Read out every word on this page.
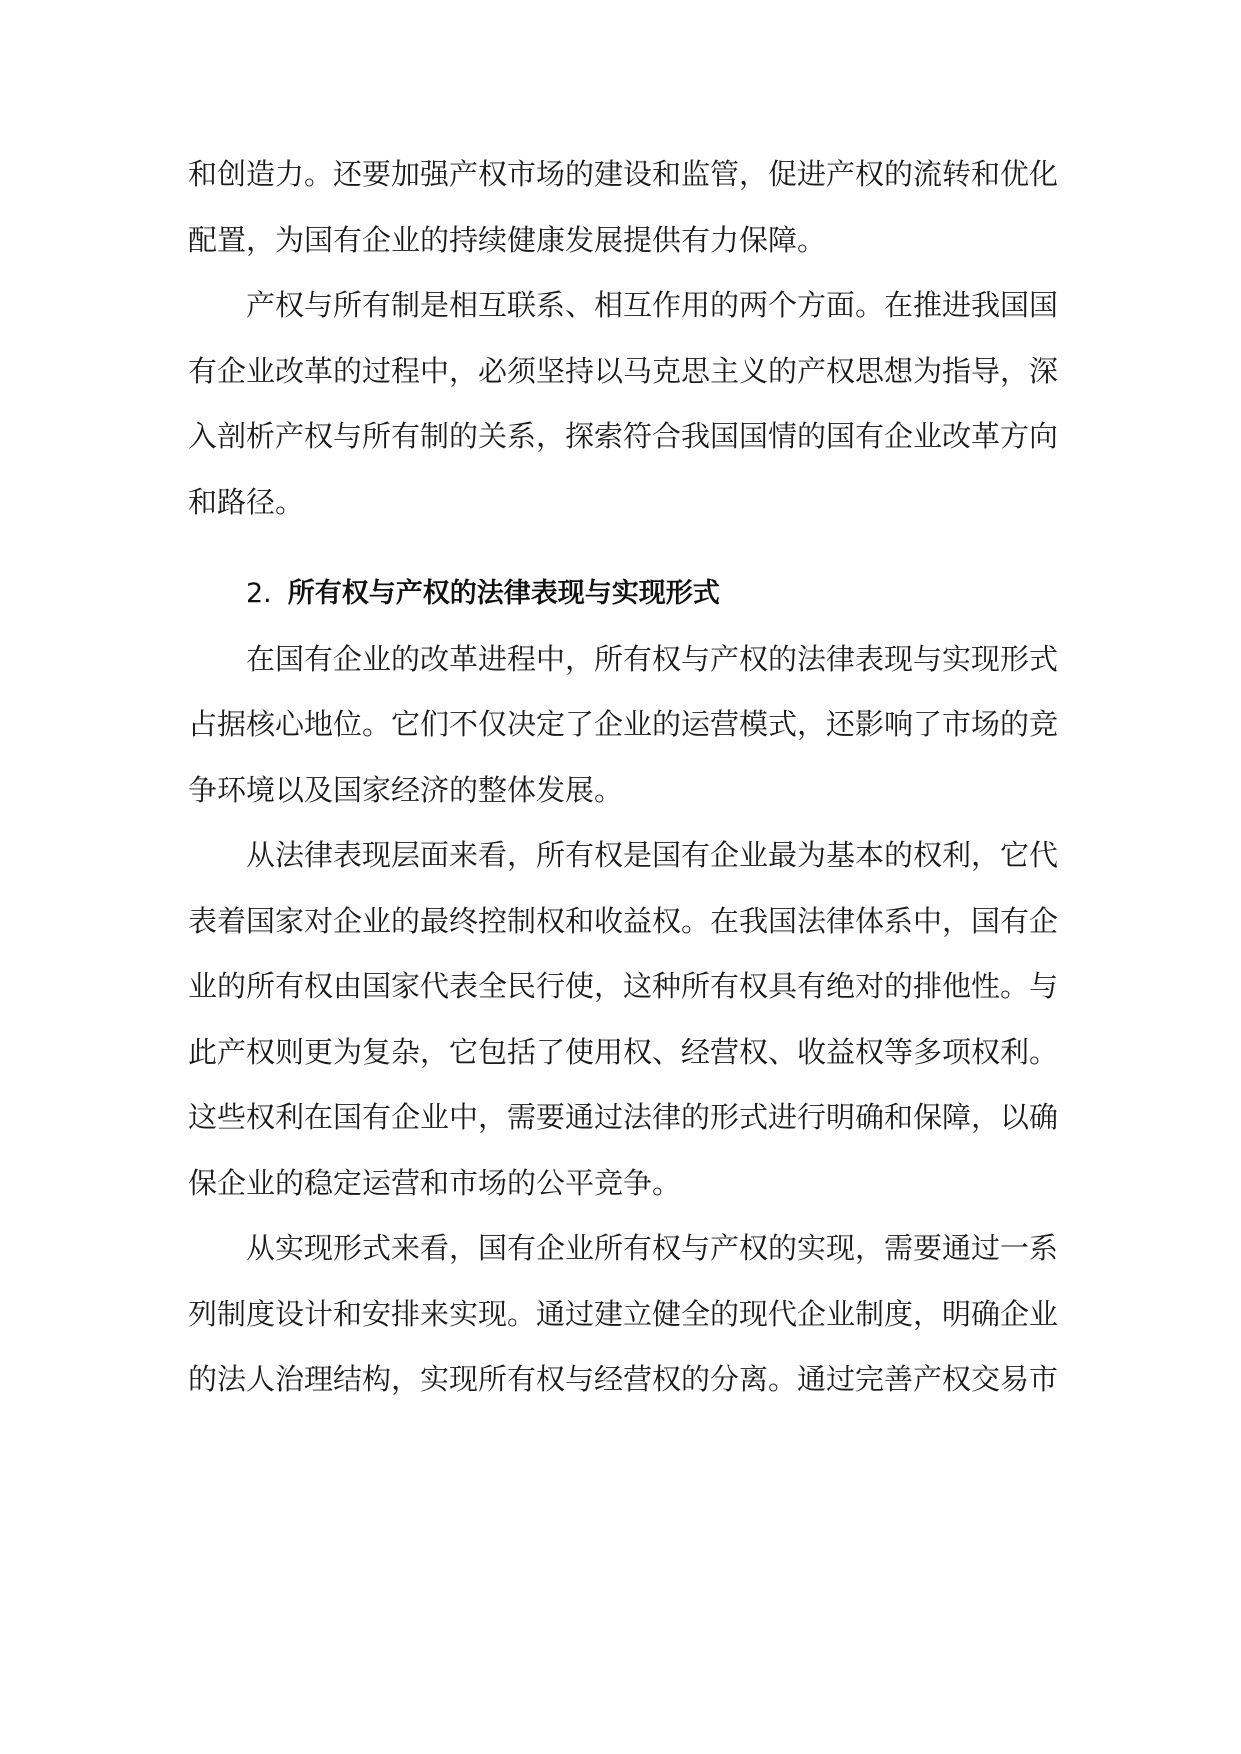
和创造力。还要加强产权市场的建设和监管，促进产权的流转和优化配置，为国有企业的持续健康发展提供有力保障。

产权与所有制是相互联系、相互作用的两个方面。在推进我国国有企业改革的过程中，必须坚持以马克思主义的产权思想为指导，深入剖析产权与所有制的关系，探索符合我国国情的国有企业改革方向和路径。

2. 所有权与产权的法律表现与实现形式

在国有企业的改革进程中，所有权与产权的法律表现与实现形式占据核心地位。它们不仅决定了企业的运营模式，还影响了市场的竞争环境以及国家经济的整体发展。

从法律表现层面来看，所有权是国有企业最为基本的权利，它代表着国家对企业的最终控制权和收益权。在我国法律体系中，国有企业的所有权由国家代表全民行使，这种所有权具有绝对的排他性。与此产权则更为复杂，它包括了使用权、经营权、收益权等多项权利。这些权利在国有企业中，需要通过法律的形式进行明确和保障，以确保企业的稳定运营和市场的公平竞争。

从实现形式来看，国有企业所有权与产权的实现，需要通过一系列制度设计和安排来实现。通过建立健全的现代企业制度，明确企业的法人治理结构，实现所有权与经营权的分离。通过完善产权交易市
